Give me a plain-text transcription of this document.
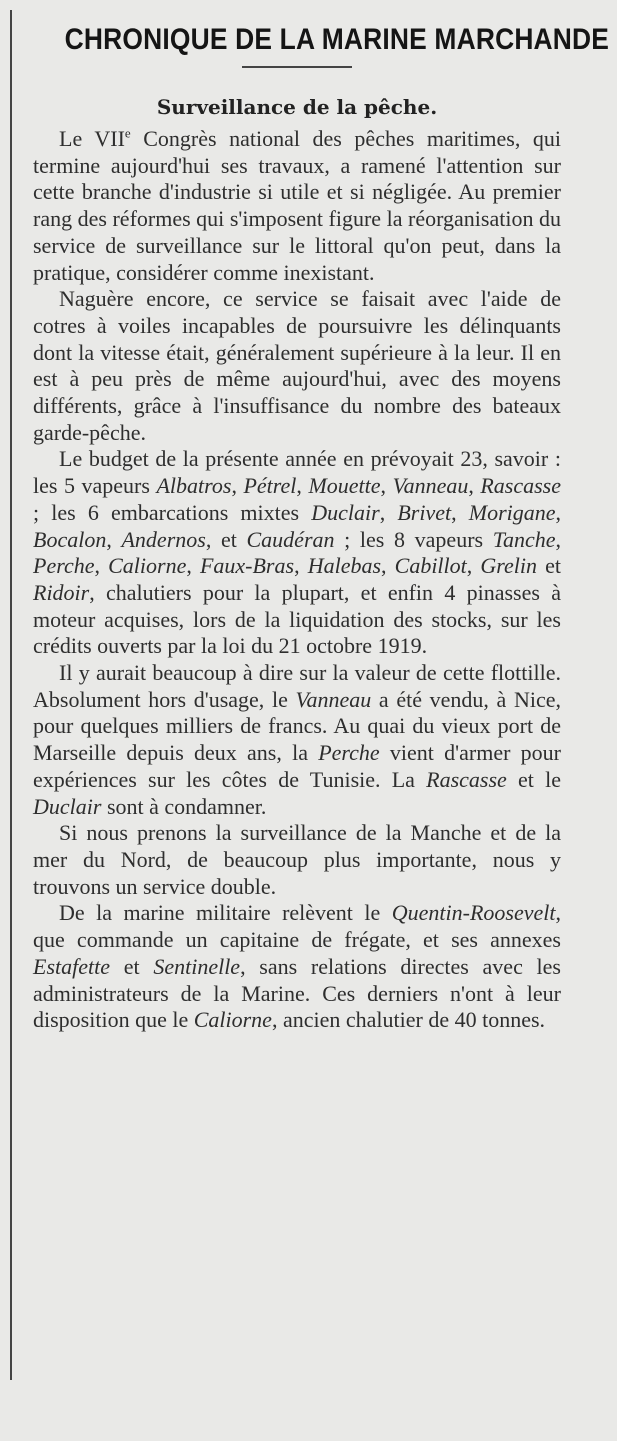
CHRONIQUE DE LA MARINE MARCHANDE
Surveillance de la pêche.

Le VIIe Congrès national des pêches maritimes, qui termine aujourd'hui ses travaux, a ramené l'attention sur cette branche d'industrie si utile et si négligée. Au premier rang des réformes qui s'imposent figure la réorganisation du service de surveillance sur le littoral qu'on peut, dans la pratique, considérer comme inexistant.

Naguère encore, ce service se faisait avec l'aide de cotres à voiles incapables de poursuivre les délinquants dont la vitesse était, généralement supérieure à la leur. Il en est à peu près de même aujourd'hui, avec des moyens différents, grâce à l'insuffisance du nombre des bateaux garde-pêche.

Le budget de la présente année en prévoyait 23, savoir : les 5 vapeurs Albatros, Pétrel, Mouette, Vanneau, Rascasse ; les 6 embarcations mixtes Duclair, Brivet, Morigane, Bocalon, Andernos, et Caudéran ; les 8 vapeurs Tanche, Perche, Caliorne, Faux-Bras, Halebas, Cabillot, Grelin et Ridoir, chalutiers pour la plupart, et enfin 4 pinasses à moteur acquises, lors de la liquidation des stocks, sur les crédits ouverts par la loi du 21 octobre 1919.

Il y aurait beaucoup à dire sur la valeur de cette flottille. Absolument hors d'usage, le Vanneau a été vendu, à Nice, pour quelques milliers de francs. Au quai du vieux port de Marseille depuis deux ans, la Perche vient d'armer pour expériences sur les côtes de Tunisie. La Rascasse et le Duclair sont à condamner.

Si nous prenons la surveillance de la Manche et de la mer du Nord, de beaucoup plus importante, nous y trouvons un service double.

De la marine militaire relèvent le Quentin-Roosevelt, que commande un capitaine de frégate, et ses annexes Estafette et Sentinelle, sans relations directes avec les administrateurs de la Marine. Ces derniers n'ont à leur disposition que le Caliorne, ancien chalutier de 40 tonnes.
